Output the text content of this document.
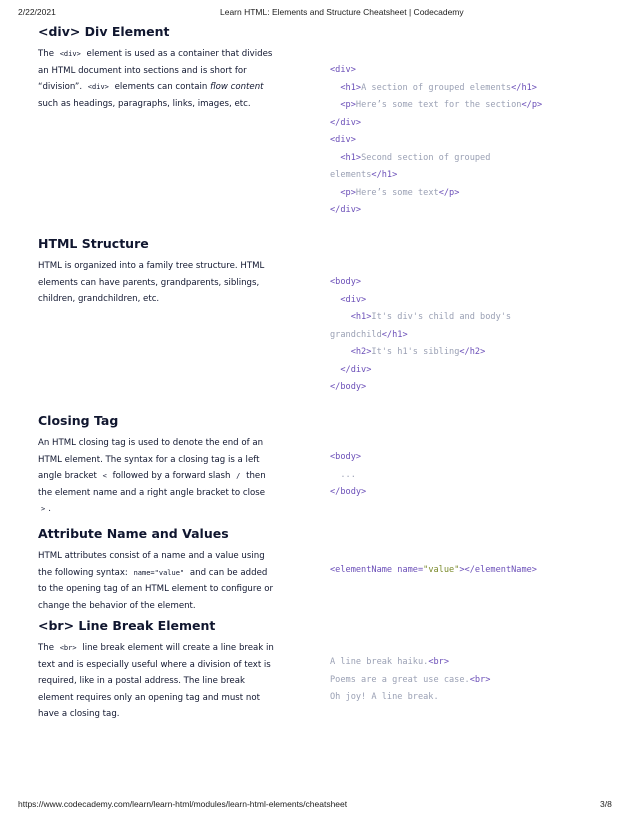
2/22/2021	Learn HTML: Elements and Structure Cheatsheet | Codecademy
<div> Div Element
The <div> element is used as a container that divides an HTML document into sections and is short for “division”. <div> elements can contain flow content such as headings, paragraphs, links, images, etc.
<div>
<h1>A section of grouped elements</h1>
<p>Here’s some text for the section</p>
</div>
<div>
<h1>Second section of grouped
elements</h1>
<p>Here’s some text</p>
</div>
HTML Structure
HTML is organized into a family tree structure. HTML elements can have parents, grandparents, siblings, children, grandchildren, etc.
<body>
<div>
<h1>It's div's child and body's
grandchild</h1>
<h2>It's h1's sibling</h2>
</div>
</body>
Closing Tag
An HTML closing tag is used to denote the end of an HTML element. The syntax for a closing tag is a left angle bracket < followed by a forward slash / then the element name and a right angle bracket to close > .
<body>
...
</body>
Attribute Name and Values
HTML attributes consist of a name and a value using the following syntax: name="value" and can be added to the opening tag of an HTML element to configure or change the behavior of the element.
<elementName name="value"></elementName>
<br> Line Break Element
The <br> line break element will create a line break in text and is especially useful where a division of text is required, like in a postal address. The line break element requires only an opening tag and must not have a closing tag.
A line break haiku.<br>
Poems are a great use case.<br>
Oh joy! A line break.
https://www.codecademy.com/learn/learn-html/modules/learn-html-elements/cheatsheet	3/8
